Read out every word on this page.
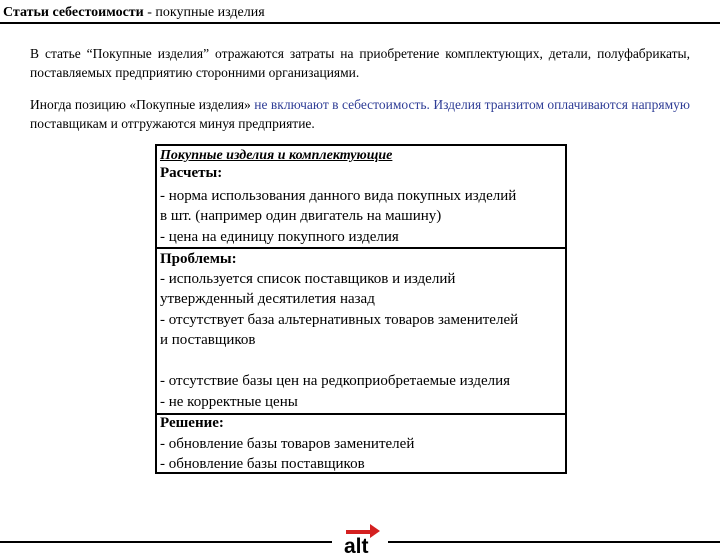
Статьи себестоимости - покупные изделия
В статье “Покупные изделия” отражаются затраты на приобретение комплектующих, детали, полуфабрикаты, поставляемых предприятию сторонними организациями.
Иногда позицию «Покупные изделия» не включают в себестоимость. Изделия транзитом оплачиваются напрямую поставщикам и отгружаются минуя предприятие.
Покупные изделия и комплектующие
Расчеты:
- норма использования данного вида покупных изделий
в шт. (например один двигатель на машину)
- цена на единицу покупного изделия
Проблемы:
- используется список поставщиков и изделий
утвержденный десятилетия назад
- отсутствует база альтернативных товаров заменителей
и поставщиков
- отсутствие базы цен на редкоприобретаемые изделия
- не корректные цены
Решение:
- обновление базы товаров заменителей
- обновление базы поставщиков
alt
